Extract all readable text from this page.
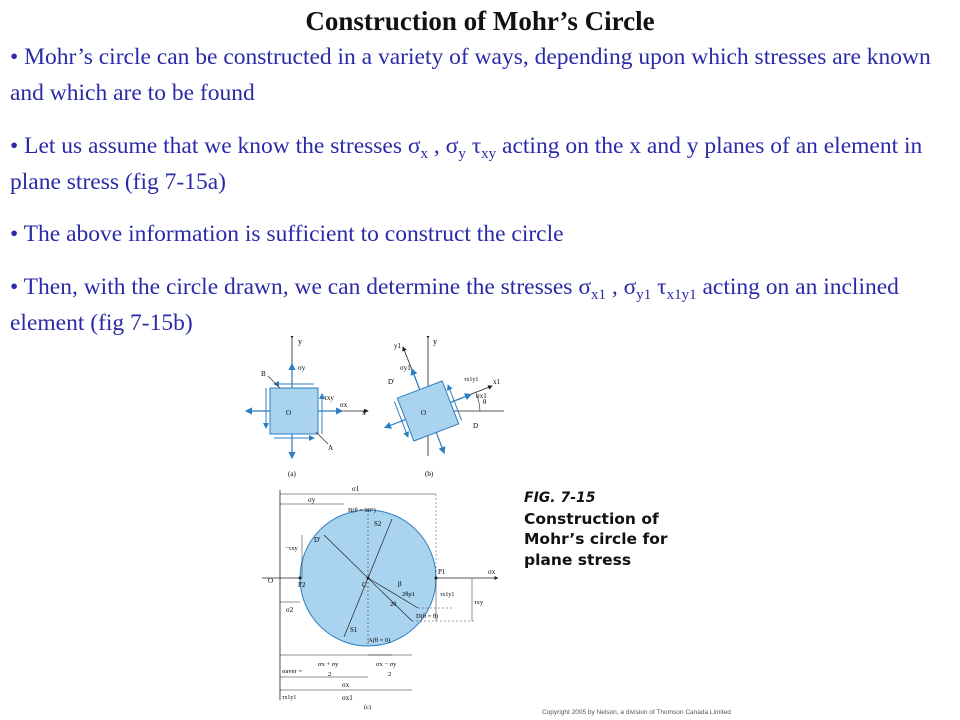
Construction of Mohr’s Circle
• Mohr’s circle can be constructed in a variety of ways, depending upon which stresses are known and which are to be found
• Let us assume that we know the stresses $\sigma_x$ , $\sigma_y$ $\tau_{xy}$ acting on the x and y planes of an element in plane stress (fig 7-15a)
• The above information is sufficient to construct the circle
• Then, with the circle drawn, we can determine the stresses $\sigma_{x1}$ , $\sigma_{y1}$ $\tau_{x1y1}$ acting on an inclined element (fig 7-15b)
y
x
σy
σx
τxy
O
B
A
(a)
y1	y
x1
σy1
σx1
τx1y1
θ
O
D
D′
(b)
σ1
σy
B(θ = 90°)
S2
D′
−τxy
O	P2	C
P1	σx
β
2θp1
2θ
τx1y1
τxy
D(θ = θ)
S1
A(θ = 0)
σ2
σaver =
σx + σy
2
σx − σy
2
σx
σx1
τx1y1
(c)
FIG. 7-15
Construction of
Mohr’s circle for
plane stress
Copyright 2005 by Nelson, a division of Thomson Canada Limited
